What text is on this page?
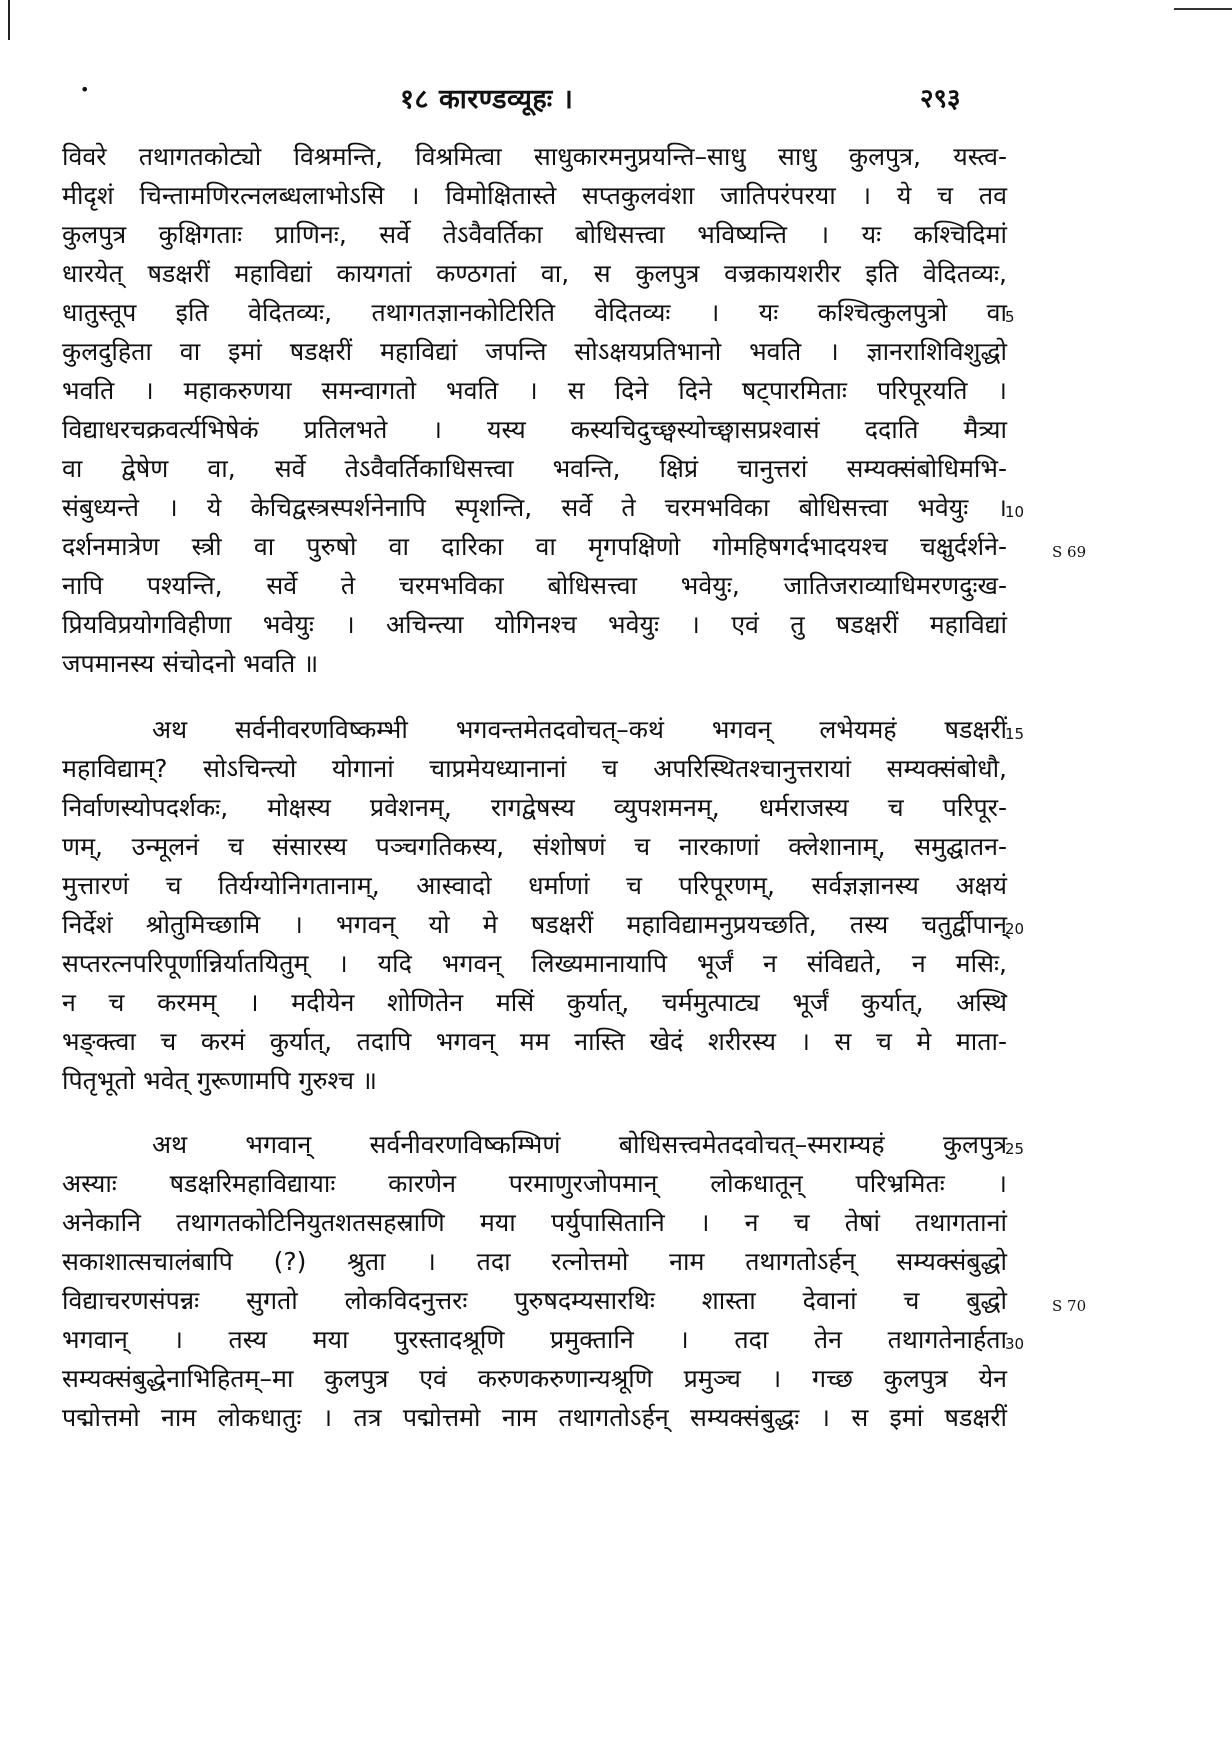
•	१८ कारण्डव्यूहः ।	२९३
विवरे तथागतकोट्यो विश्रमन्ति, विश्रमित्वा साधुकारमनुप्रयन्ति–साधु साधु कुलपुत्र, यस्त्व-
मीदृशं चिन्तामणिरत्नलब्धलाभोऽसि । विमोक्षितास्ते सप्तकुलवंशा जातिपरंपरया । ये च तव
कुलपुत्र कुक्षिगताः प्राणिनः, सर्वे तेऽवैवर्तिका बोधिसत्त्वा भविष्यन्ति । यः कश्चिदिमां
धारयेत् षडक्षरीं महाविद्यां कायगतां कण्ठगतां वा, स कुलपुत्र वज्रकायशरीर इति वेदितव्यः,
धातुस्तूप इति वेदितव्यः, तथागतज्ञानकोटिरिति वेदितव्यः । यः कश्चित्कुलपुत्रो वा
कुलदुहिता वा इमां षडक्षरीं महाविद्यां जपन्ति सोऽक्षयप्रतिभानो भवति । ज्ञानराशिविशुद्धो
भवति । महाकरुणया समन्वागतो भवति । स दिने दिने षट्पारमिताः परिपूरयति ।
विद्याधरचक्रवर्त्यभिषेकं प्रतिलभते । यस्य कस्यचिदुच्छ्वस्योच्छ्वासप्रश्वासं ददाति मैत्र्या
वा द्वेषेण वा, सर्वे तेऽवैवर्तिकाधिसत्त्वा भवन्ति, क्षिप्रं चानुत्तरां सम्यक्संबोधिमभि-
संबुध्यन्ते । ये केचिद्वस्त्रस्पर्शनेनापि स्पृशन्ति, सर्वे ते चरमभविका बोधिसत्त्वा भवेयुः ।
दर्शनमात्रेण स्त्री वा पुरुषो वा दारिका वा मृगपक्षिणो गोमहिषगर्दभादयश्च चक्षुर्दर्शने-
नापि पश्यन्ति, सर्वे ते चरमभविका बोधिसत्त्वा भवेयुः, जातिजराव्याधिमरणदुःख-
प्रियविप्रयोगविहीणा भवेयुः । अचिन्त्या योगिनश्च भवेयुः । एवं तु षडक्षरीं महाविद्यां
जपमानस्य संचोदनो भवति ॥
अथ सर्वनीवरणविष्कम्भी भगवन्तमेतदवोचत्–कथं भगवन् लभेयमहं षडक्षरीं
महाविद्याम्? सोऽचिन्त्यो योगानां चाप्रमेयध्यानानां च अपरिस्थितश्चानुत्तरायां सम्यक्संबोधौ,
निर्वाणस्योपदर्शकः, मोक्षस्य प्रवेशनम्, रागद्वेषस्य व्युपशमनम्, धर्मराजस्य च परिपूर-
णम्, उन्मूलनं च संसारस्य पञ्चगतिकस्य, संशोषणं च नारकाणां क्लेशानाम्, समुद्घातन-
मुत्तारणं च तिर्यग्योनिगतानाम्, आस्वादो धर्माणां च परिपूरणम्, सर्वज्ञज्ञानस्य अक्षयं
निर्देशं श्रोतुमिच्छामि । भगवन् यो मे षडक्षरीं महाविद्यामनुप्रयच्छति, तस्य चतुर्द्वीपान्
सप्तरत्नपरिपूर्णान्निर्यातयितुम् । यदि भगवन् लिख्यमानायापि भूर्जं न संविद्यते, न मसिः,
न च करमम् । मदीयेन शोणितेन मसिं कुर्यात्, चर्ममुत्पाट्य भूर्जं कुर्यात्, अस्थि
भङ्क्त्वा च करमं कुर्यात्, तदापि भगवन् मम नास्ति खेदं शरीरस्य । स च मे माता-
पितृभूतो भवेत् गुरूणामपि गुरुश्च ॥
अथ भगवान् सर्वनीवरणविष्कम्भिणं बोधिसत्त्वमेतदवोचत्–स्मराम्यहं कुलपुत्र
अस्याः षडक्षरिमहाविद्यायाः कारणेन परमाणुरजोपमान् लोकधातून् परिभ्रमितः ।
अनेकानि तथागतकोटिनियुतशतसहस्राणि मया पर्युपासितानि । न च तेषां तथागतानां
सकाशात्सचालंबापि (?) श्रुता । तदा रत्नोत्तमो नाम तथागतोऽर्हन् सम्यक्संबुद्धो
विद्याचरणसंपन्नः सुगतो लोकविदनुत्तरः पुरुषदम्यसारथिः शास्ता देवानां च बुद्धो
भगवान् । तस्य मया पुरस्तादश्रूणि प्रमुक्तानि । तदा तेन तथागतेनार्हता
सम्यक्संबुद्धेनाभिहितम्–मा कुलपुत्र एवं करुणकरुणान्यश्रूणि प्रमुञ्च । गच्छ कुलपुत्र येन
पद्मोत्तमो नाम लोकधातुः । तत्र पद्मोत्तमो नाम तथागतोऽर्हन् सम्यक्संबुद्धः । स इमां षडक्षरीं
5
10
15
20
25
30
S 69
S 70
